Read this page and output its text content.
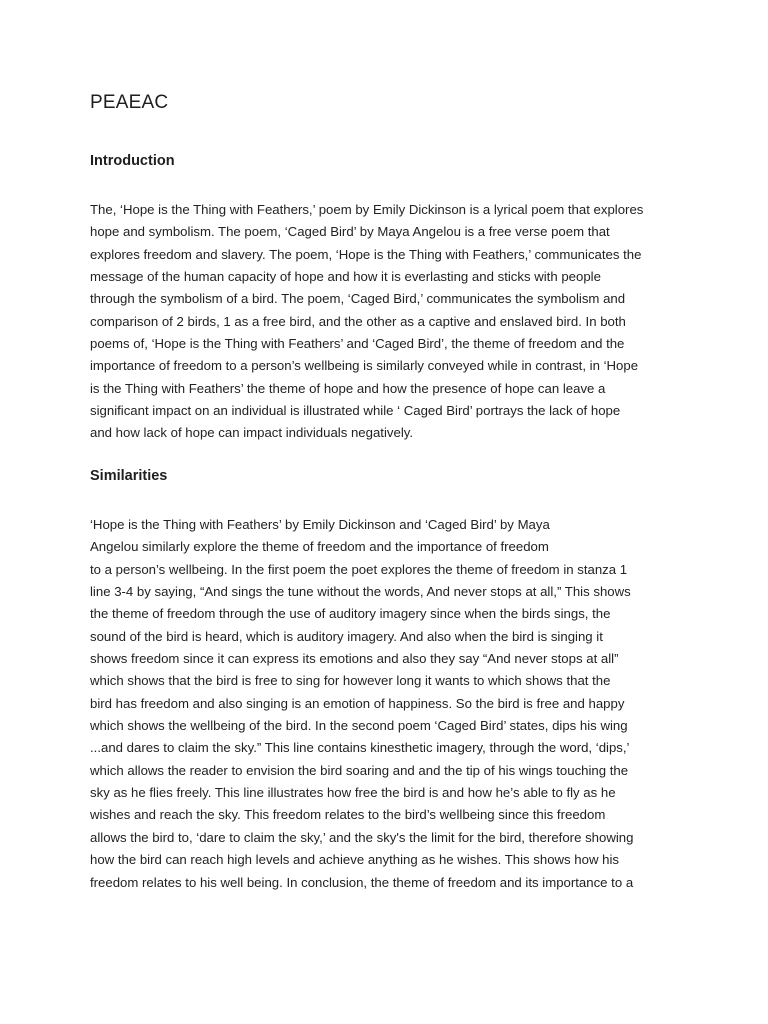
PEAEAC
Introduction
The, ‘Hope is the Thing with Feathers,’ poem by Emily Dickinson is a lyrical poem that explores
hope and symbolism. The poem, ‘Caged Bird’ by Maya Angelou is a free verse poem that
explores freedom and slavery. The poem, ‘Hope is the Thing with Feathers,’ communicates the
message of the human capacity of hope and how it is everlasting and sticks with people
through the symbolism of a bird. The poem, ‘Caged Bird,’ communicates the symbolism and
comparison of 2 birds, 1 as a free bird, and the other as a captive and enslaved bird. In both
poems of, ‘Hope is the Thing with Feathers’ and ‘Caged Bird’, the theme of freedom and the
importance of freedom to a person’s wellbeing is similarly conveyed while in contrast, in ‘Hope
is the Thing with Feathers’ the theme of hope and how the presence of hope can leave a
significant impact on an individual is illustrated while ‘ Caged Bird’ portrays the lack of hope
and how lack of hope can impact individuals negatively.
Similarities
‘Hope is the Thing with Feathers’ by Emily Dickinson and ‘Caged Bird’ by Maya
Angelou similarly explore the theme of freedom and the importance of freedom
to a person’s wellbeing. In the first poem the poet explores the theme of freedom in stanza 1
line 3-4 by saying, “And sings the tune without the words, And never stops at all,” This shows
the theme of freedom through the use of auditory imagery since when the birds sings, the
sound of the bird is heard, which is auditory imagery. And also when the bird is singing it
shows freedom since it can express its emotions and also they say “And never stops at all”
which shows that the bird is free to sing for however long it wants to which shows that the
bird has freedom and also singing is an emotion of happiness. So the bird is free and happy
which shows the wellbeing of the bird. In the second poem ‘Caged Bird’ states, dips his wing
...and dares to claim the sky.” This line contains kinesthetic imagery, through the word, ‘dips,’
which allows the reader to envision the bird soaring and and the tip of his wings touching the
sky as he flies freely. This line illustrates how free the bird is and how he’s able to fly as he
wishes and reach the sky. This freedom relates to the bird’s wellbeing since this freedom
allows the bird to, ‘dare to claim the sky,’ and the sky's the limit for the bird, therefore showing
how the bird can reach high levels and achieve anything as he wishes. This shows how his
freedom relates to his well being. In conclusion, the theme of freedom and its importance to a
